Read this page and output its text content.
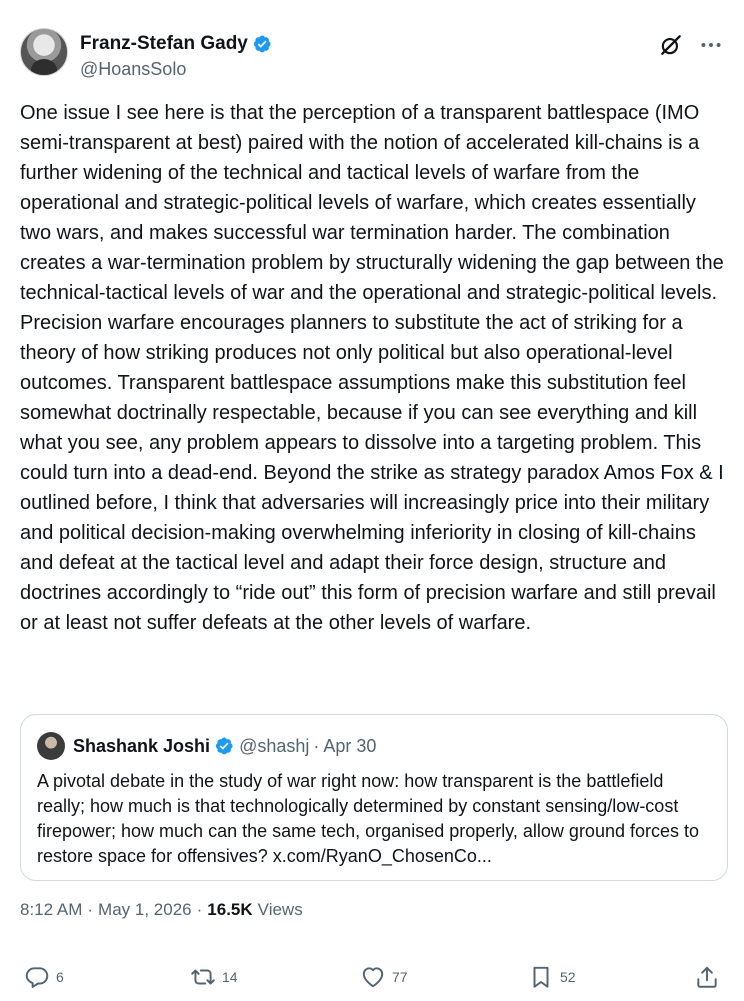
Franz-Stefan Gady
@HoansSolo
One issue I see here is that the perception of a transparent battlespace (IMO semi-transparent at best) paired with the notion of accelerated kill-chains is a further widening of the technical and tactical levels of warfare from the operational and strategic-political levels of warfare, which creates essentially two wars, and makes successful war termination harder. The combination creates a war-termination problem by structurally widening the gap between the technical-tactical levels of war and the operational and strategic-political levels. Precision warfare encourages planners to substitute the act of striking for a theory of how striking produces not only political but also operational-level outcomes. Transparent battlespace assumptions make this substitution feel somewhat doctrinally respectable, because if you can see everything and kill what you see, any problem appears to dissolve into a targeting problem. This could turn into a dead-end. Beyond the strike as strategy paradox Amos Fox & I outlined before, I think that adversaries will increasingly price into their military and political decision-making overwhelming inferiority in closing of kill-chains and defeat at the tactical level and adapt their force design, structure and doctrines accordingly to “ride out” this form of precision warfare and still prevail or at least not suffer defeats at the other levels of warfare.
Shashank Joshi @shashj · Apr 30
A pivotal debate in the study of war right now: how transparent is the battlefield really; how much is that technologically determined by constant sensing/low-cost firepower; how much can the same tech, organised properly, allow ground forces to restore space for offensives? x.com/RyanO_ChosenCo...
8:12 AM · May 1, 2026 · 16.5K Views
6	14	77	52
